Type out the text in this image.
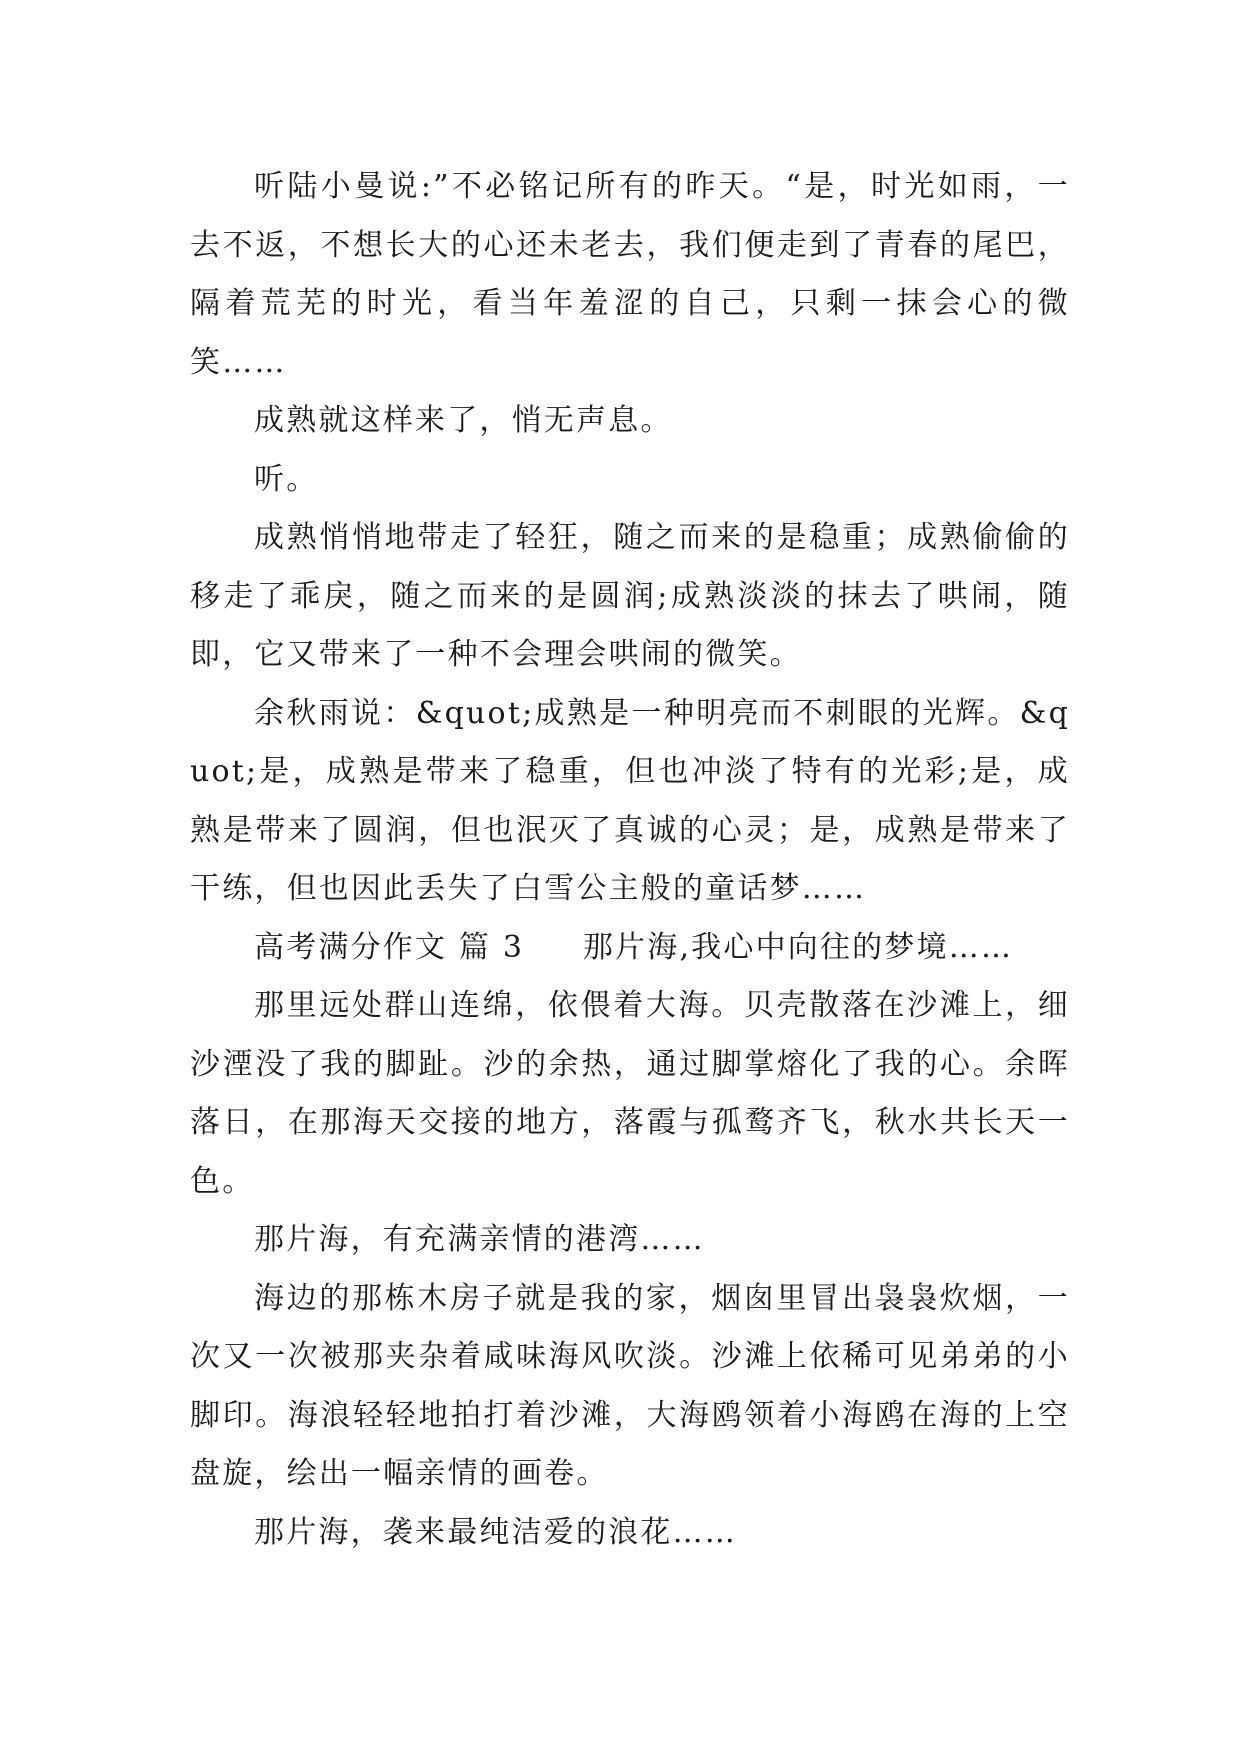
听陆小曼说:”不必铭记所有的昨天。“是，时光如雨，一去不返，不想长大的心还未老去，我们便走到了青春的尾巴，隔着荒芜的时光，看当年羞涩的自己，只剩一抹会心的微笑……

成熟就这样来了，悄无声息。

听。

成熟悄悄地带走了轻狂，随之而来的是稳重；成熟偷偷的移走了乖戾，随之而来的是圆润;成熟淡淡的抹去了哄闹，随即，它又带来了一种不会理会哄闹的微笑。

余秋雨说：&quot;成熟是一种明亮而不刺眼的光辉。&quot;是，成熟是带来了稳重，但也冲淡了特有的光彩;是，成熟是带来了圆润，但也泯灭了真诚的心灵；是，成熟是带来了干练，但也因此丢失了白雪公主般的童话梦……

高考满分作文 篇 3     那片海,我心中向往的梦境……

那里远处群山连绵，依偎着大海。贝壳散落在沙滩上，细沙湮没了我的脚趾。沙的余热，通过脚掌熔化了我的心。余晖落日，在那海天交接的地方，落霞与孤鹜齐飞，秋水共长天一色。

那片海，有充满亲情的港湾……

海边的那栋木房子就是我的家，烟囱里冒出袅袅炊烟，一次又一次被那夹杂着咸味海风吹淡。沙滩上依稀可见弟弟的小脚印。海浪轻轻地拍打着沙滩，大海鸥领着小海鸥在海的上空盘旋，绘出一幅亲情的画卷。

那片海，袭来最纯洁爱的浪花……
